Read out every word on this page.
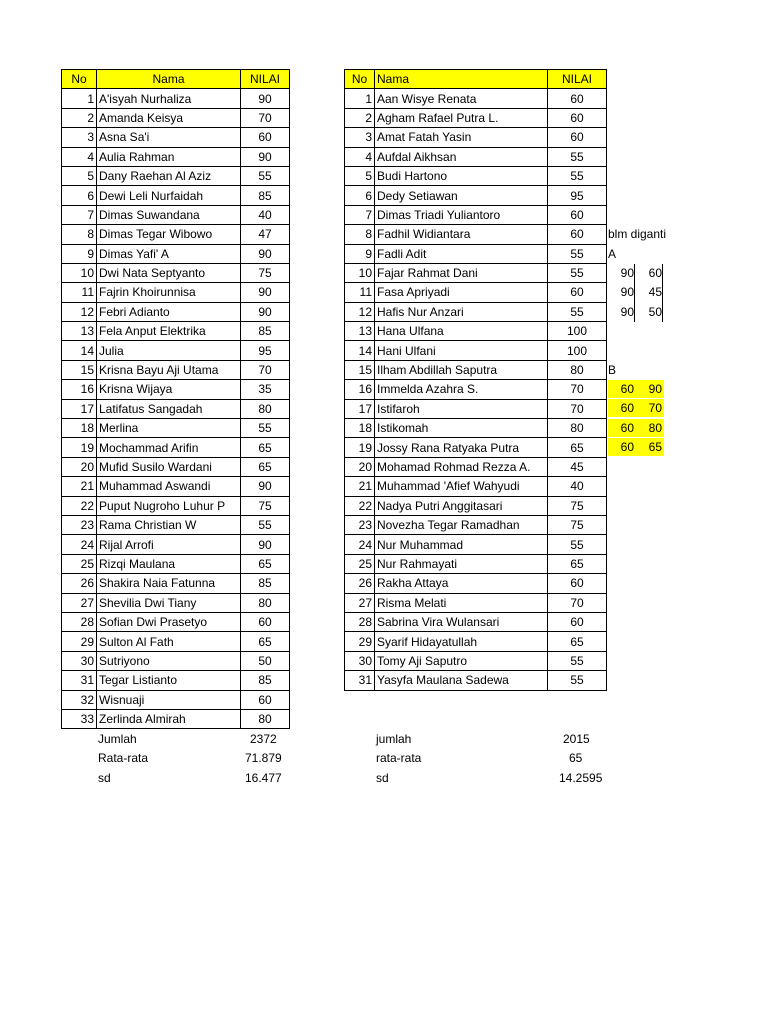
No	Nama	NILAI
1	A'isyah Nurhaliza	90
2	Amanda Keisya	70
3	Asna Sa'i	60
4	Aulia Rahman	90
5	Dany Raehan Al Aziz	55
6	Dewi Leli Nurfaidah	85
7	Dimas Suwandana	40
8	Dimas Tegar Wibowo	47
9	Dimas Yafi' A	90
10	Dwi Nata Septyanto	75
11	Fajrin Khoirunnisa	90
12	Febri Adianto	90
13	Fela Anput Elektrika	85
14	Julia	95
15	Krisna Bayu Aji Utama	70
16	Krisna Wijaya	35
17	Latifatus Sangadah	80
18	Merlina	55
19	Mochammad Arifin	65
20	Mufid Susilo Wardani	65
21	Muhammad Aswandi	90
22	Puput Nugroho Luhur P	75
23	Rama Christian W	55
24	Rijal Arrofi	90
25	Rizqi Maulana	65
26	Shakira Naia Fatunna	85
27	Shevilia Dwi Tiany	80
28	Sofian Dwi Prasetyo	60
29	Sulton Al Fath	65
30	Sutriyono	50
31	Tegar Listianto	85
32	Wisnuaji	60
33	Zerlinda Almirah	80
No	Nama	NILAI
1	Aan Wisye Renata	60
2	Agham Rafael Putra L.	60
3	Amat Fatah Yasin	60
4	Aufdal Aikhsan	55
5	Budi Hartono	55
6	Dedy Setiawan	95
7	Dimas Triadi Yuliantoro	60
8	Fadhil Widiantara	60
9	Fadli Adit	55
10	Fajar Rahmat Dani	55
11	Fasa Apriyadi	60
12	Hafis Nur Anzari	55
13	Hana Ulfana	100
14	Hani Ulfani	100
15	Ilham Abdillah Saputra	80
16	Immelda Azahra S.	70
17	Istifaroh	70
18	Istikomah	80
19	Jossy Rana Ratyaka Putra	65
20	Mohamad Rohmad Rezza A.	45
21	Muhammad 'Afief Wahyudi	40
22	Nadya Putri Anggitasari	75
23	Novezha Tegar Ramadhan	75
24	Nur Muhammad	55
25	Nur Rahmayati	65
26	Rakha Attaya	60
27	Risma Melati	70
28	Sabrina Vira Wulansari	60
29	Syarif Hidayatullah	65
30	Tomy Aji Saputro	55
31	Yasyfa Maulana Sadewa	55
Jumlah	2372
Rata-rata	71.879
sd	16.477
jumlah	2015
rata-rata	65
sd	14.2595
blm diganti
A
B
90	60
90	45
90	50
60	90
60	70
60	80
60	65
